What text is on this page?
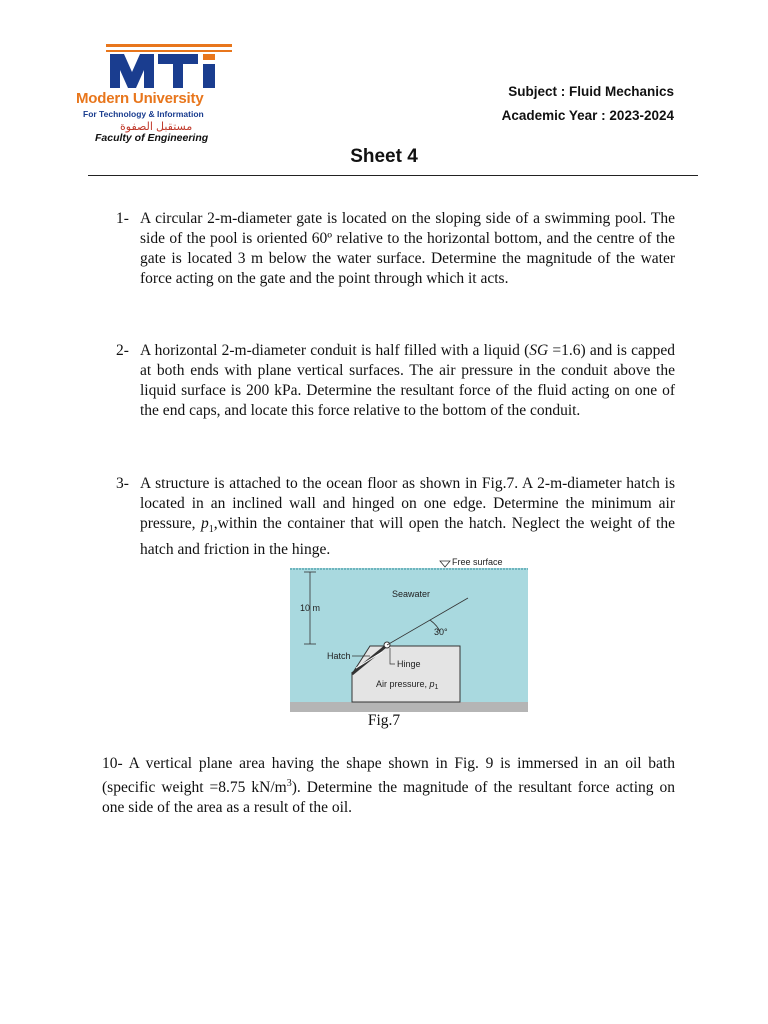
Modern University
For Technology & Information
مستقبل الصفوة
Faculty of Engineering
Subject : Fluid Mechanics
Academic Year : 2023-2024
Sheet 4
1- A circular 2-m-diameter gate is located on the sloping side of a swimming pool. The side of the pool is oriented 60º relative to the horizontal bottom, and the centre of the gate is located 3 m below the water surface. Determine the magnitude of the water force acting on the gate and the point through which it acts.
2- A horizontal 2-m-diameter conduit is half filled with a liquid (SG =1.6) and is capped at both ends with plane vertical surfaces. The air pressure in the conduit above the liquid surface is 200 kPa. Determine the resultant force of the fluid acting on one of the end caps, and locate this force relative to the bottom of the conduit.
3- A structure is attached to the ocean floor as shown in Fig.7. A 2-m-diameter hatch is located in an inclined wall and hinged on one edge. Determine the minimum air pressure, $p_1,within$ the container that will open the hatch. Neglect the weight of the hatch and friction in the hinge.
Free surface
Seawater
10 m
30°
Hatch
Hinge
Air pressure, $p_1$
Fig.7
10- A vertical plane area having the shape shown in Fig. 9 is immersed in an oil bath (specific weight =8.75 $kN/m^3$). Determine the magnitude of the resultant force acting on one side of the area as a result of the oil.
